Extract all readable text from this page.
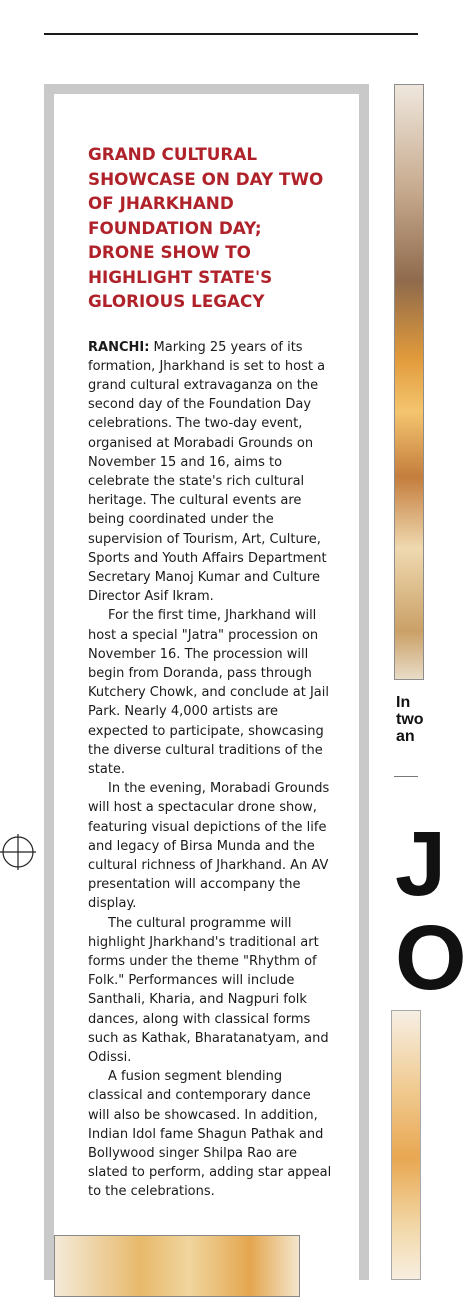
GRAND CULTURAL SHOWCASE ON DAY TWO OF JHARKHAND FOUNDATION DAY; DRONE SHOW TO HIGHLIGHT STATE'S GLORIOUS LEGACY

RANCHI: Marking 25 years of its formation, Jharkhand is set to host a grand cultural extravaganza on the second day of the Foundation Day celebrations. The two-day event, organised at Morabadi Grounds on November 15 and 16, aims to celebrate the state's rich cultural heritage. The cultural events are being coordinated under the supervision of Tourism, Art, Culture, Sports and Youth Affairs Department Secretary Manoj Kumar and Culture Director Asif Ikram.

For the first time, Jharkhand will host a special "Jatra" procession on November 16. The procession will begin from Doranda, pass through Kutchery Chowk, and conclude at Jail Park. Nearly 4,000 artists are expected to participate, showcasing the diverse cultural traditions of the state.

In the evening, Morabadi Grounds will host a spectacular drone show, featuring visual depictions of the life and legacy of Birsa Munda and the cultural richness of Jharkhand. An AV presentation will accompany the display.

The cultural programme will highlight Jharkhand's traditional art forms under the theme "Rhythm of Folk." Performances will include Santhali, Kharia, and Nagpuri folk dances, along with classical forms such as Kathak, Bharatanatyam, and Odissi.

A fusion segment blending classical and contemporary dance will also be showcased. In addition, Indian Idol fame Shagun Pathak and Bollywood singer Shilpa Rao are slated to perform, adding star appeal to the celebrations.

In
two
an
J
O
